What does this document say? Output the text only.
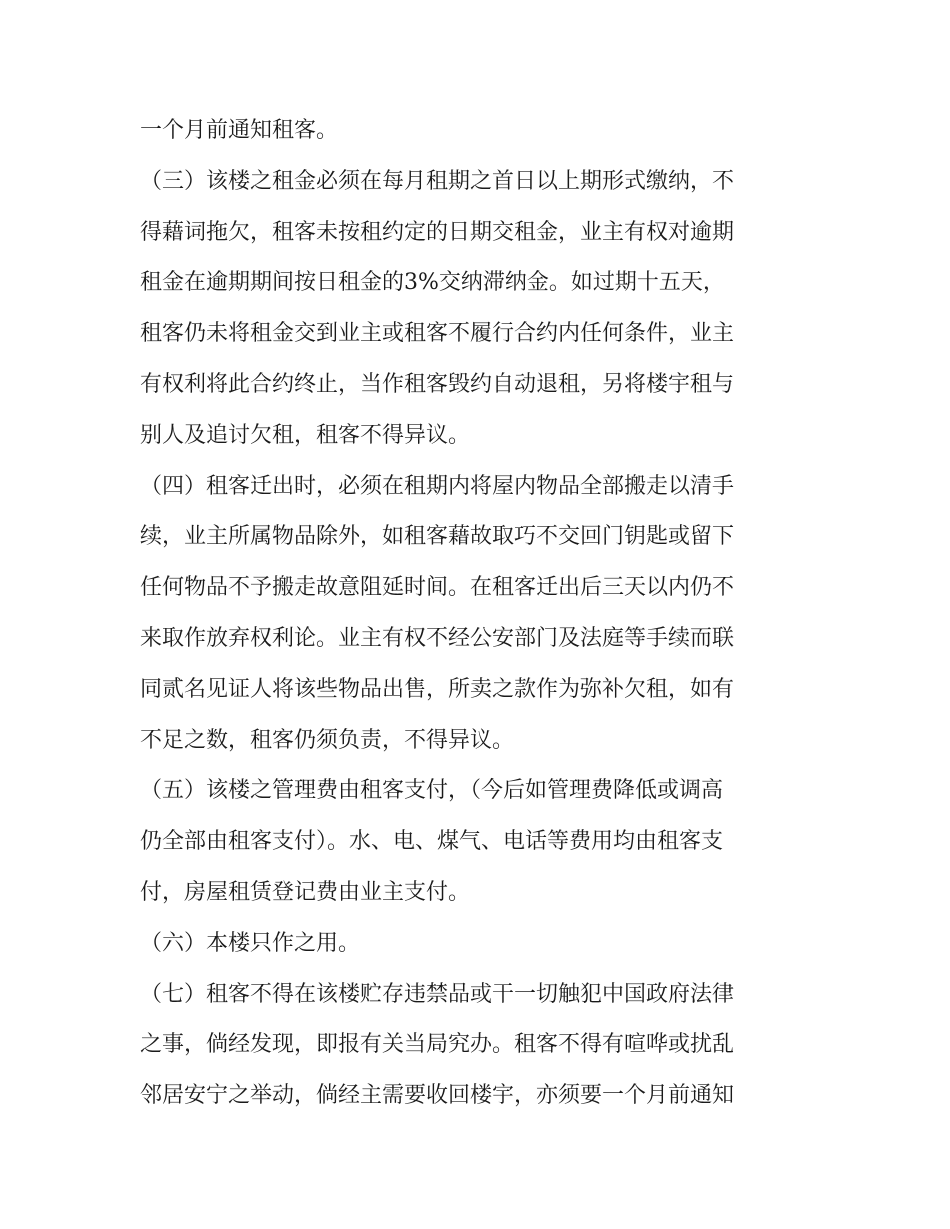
一个月前通知租客。
（三）该楼之租金必须在每月租期之首日以上期形式缴纳，不
得藉词拖欠，租客未按租约定的日期交租金，业主有权对逾期
租金在逾期期间按日租金的3%交纳滞纳金。如过期十五天，
租客仍未将租金交到业主或租客不履行合约内任何条件，业主
有权利将此合约终止，当作租客毁约自动退租，另将楼宇租与
别人及追讨欠租，租客不得异议。
（四）租客迁出时，必须在租期内将屋内物品全部搬走以清手
续，业主所属物品除外，如租客藉故取巧不交回门钥匙或留下
任何物品不予搬走故意阻延时间。在租客迁出后三天以内仍不
来取作放弃权利论。业主有权不经公安部门及法庭等手续而联
同贰名见证人将该些物品出售，所卖之款作为弥补欠租，如有
不足之数，租客仍须负责，不得异议。
（五）该楼之管理费由租客支付，（今后如管理费降低或调高
仍全部由租客支付）。水、电、煤气、电话等费用均由租客支
付，房屋租赁登记费由业主支付。
（六）本楼只作之用。
（七）租客不得在该楼贮存违禁品或干一切触犯中国政府法律
之事，倘经发现，即报有关当局究办。租客不得有喧哗或扰乱
邻居安宁之举动，倘经主需要收回楼宇，亦须要一个月前通知
